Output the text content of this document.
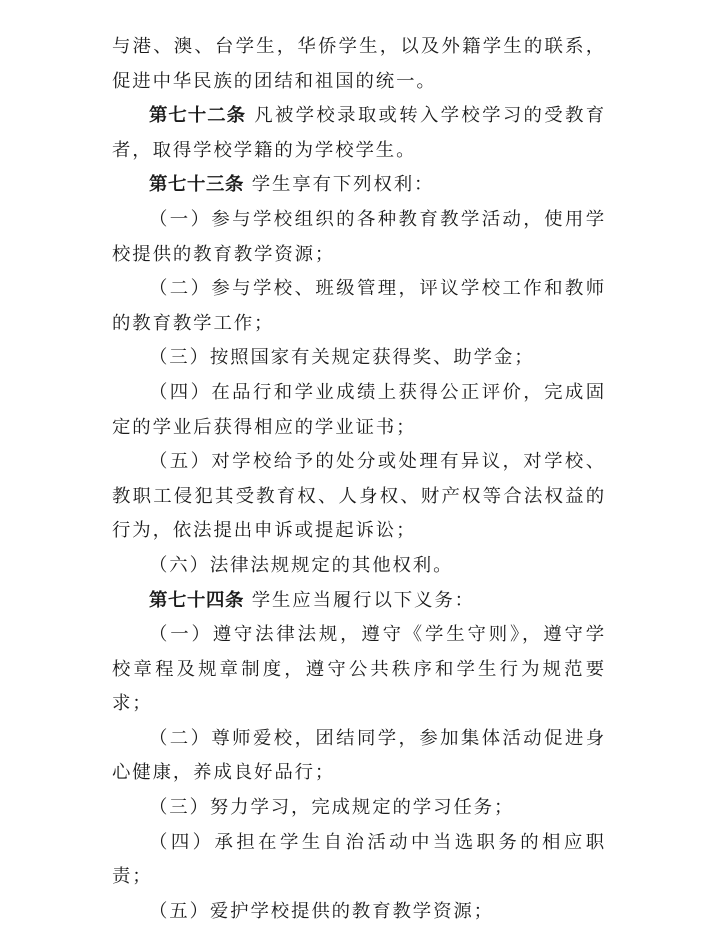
与港、澳、台学生，华侨学生，以及外籍学生的联系，促进中华民族的团结和祖国的统一。

第七十二条 凡被学校录取或转入学校学习的受教育者，取得学校学籍的为学校学生。

第七十三条 学生享有下列权利：

（一）参与学校组织的各种教育教学活动，使用学校提供的教育教学资源；

（二）参与学校、班级管理，评议学校工作和教师的教育教学工作；

（三）按照国家有关规定获得奖、助学金；

（四）在品行和学业成绩上获得公正评价，完成固定的学业后获得相应的学业证书；

（五）对学校给予的处分或处理有异议，对学校、教职工侵犯其受教育权、人身权、财产权等合法权益的行为，依法提出申诉或提起诉讼；

（六）法律法规规定的其他权利。

第七十四条 学生应当履行以下义务：

（一）遵守法律法规，遵守《学生守则》，遵守学校章程及规章制度，遵守公共秩序和学生行为规范要求；

（二）尊师爱校，团结同学，参加集体活动促进身心健康，养成良好品行；

（三）努力学习，完成规定的学习任务；

（四）承担在学生自治活动中当选职务的相应职责；

（五）爱护学校提供的教育教学资源；
